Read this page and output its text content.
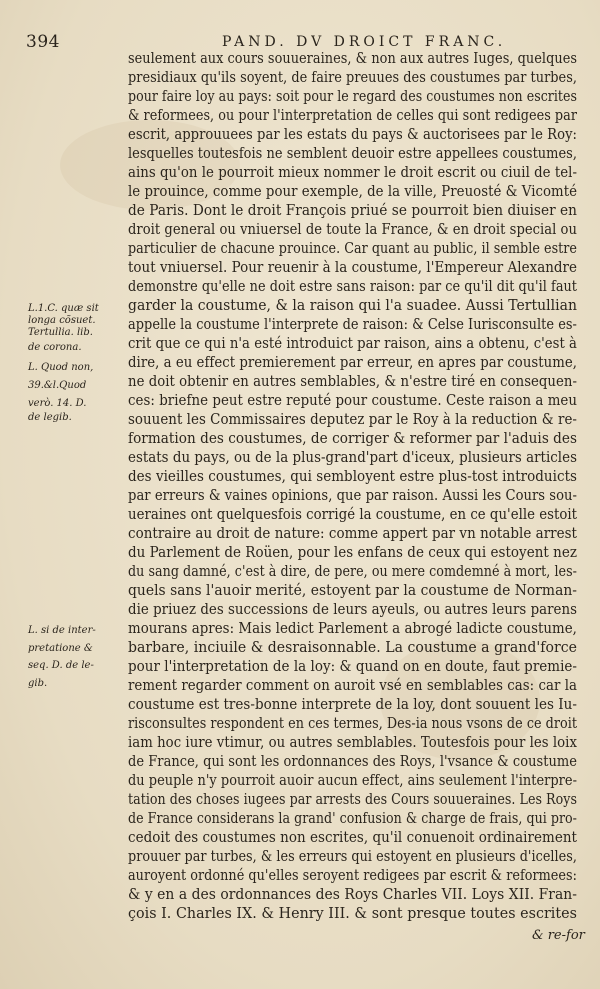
394	PAND. DV DROICT FRANC.
L.1.C. quæ sit
longa cõsuet.
Tertullia. lib.
de corona.
L. Quod non,
39.&l.Quod
verò. 14. D.
de legib.
L. si de inter-
pretatione &
seq. D. de le-
gib.
seulement aux cours souueraines, & non aux autres Iuges, quelques
presidiaux qu'ils soyent, de faire preuues des coustumes par turbes,
pour faire loy au pays: soit pour le regard des coustumes non escrites
& reformees, ou pour l'interpretation de celles qui sont redigees par
escrit, approuuees par les estats du pays & auctorisees par le Roy:
lesquelles toutesfois ne semblent deuoir estre appellees coustumes,
ains qu'on le pourroit mieux nommer le droit escrit ou ciuil de tel-
le prouince, comme pour exemple, de la ville, Preuosté & Vicomté
de Paris. Dont le droit François priué se pourroit bien diuiser en
droit general ou vniuersel de toute la France, & en droit special ou
particulier de chacune prouince. Car quant au public, il semble estre
tout vniuersel. Pour reuenir à la coustume, l'Empereur Alexandre
demonstre qu'elle ne doit estre sans raison: par ce qu'il dit qu'il faut
garder la coustume, & la raison qui l'a suadee. Aussi Tertullian
appelle la coustume l'interprete de raison: & Celse Iurisconsulte es-
crit que ce qui n'a esté introduict par raison, ains a obtenu, c'est à
dire, a eu effect premierement par erreur, en apres par coustume,
ne doit obtenir en autres semblables, & n'estre tiré en consequen-
ces: briefne peut estre reputé pour coustume. Ceste raison a meu
souuent les Commissaires deputez par le Roy à la reduction & re-
formation des coustumes, de corriger & reformer par l'aduis des
estats du pays, ou de la plus-grand'part d'iceux, plusieurs articles
des vieilles coustumes, qui sembloyent estre plus-tost introduicts
par erreurs & vaines opinions, que par raison. Aussi les Cours sou-
ueraines ont quelquesfois corrigé la coustume, en ce qu'elle estoit
contraire au droit de nature: comme appert par vn notable arrest
du Parlement de Roüen, pour les enfans de ceux qui estoyent nez
du sang damné, c'est à dire, de pere, ou mere comdemné à mort, les-
quels sans l'auoir merité, estoyent par la coustume de Norman-
die priuez des successions de leurs ayeuls, ou autres leurs parens
mourans apres: Mais ledict Parlement a abrogé ladicte coustume,
barbare, inciuile & desraisonnable. La coustume a grand'force
pour l'interpretation de la loy: & quand on en doute, faut premie-
rement regarder comment on auroit vsé en semblables cas: car la
coustume est tres-bonne interprete de la loy, dont souuent les Iu-
risconsultes respondent en ces termes, Des-ia nous vsons de ce droit
iam hoc iure vtimur, ou autres semblables. Toutesfois pour les loix
de France, qui sont les ordonnances des Roys, l'vsance & coustume
du peuple n'y pourroit auoir aucun effect, ains seulement l'interpre-
tation des choses iugees par arrests des Cours souueraines. Les Roys
de France considerans la grand' confusion & charge de frais, qui pro-
cedoit des coustumes non escrites, qu'il conuenoit ordinairement
prouuer par turbes, & les erreurs qui estoyent en plusieurs d'icelles,
auroyent ordonné qu'elles seroyent redigees par escrit & reformees:
& y en a des ordonnances des Roys Charles VII. Loys XII. Fran-
çois I. Charles IX. & Henry III. & sont presque toutes escrites
& re-for
